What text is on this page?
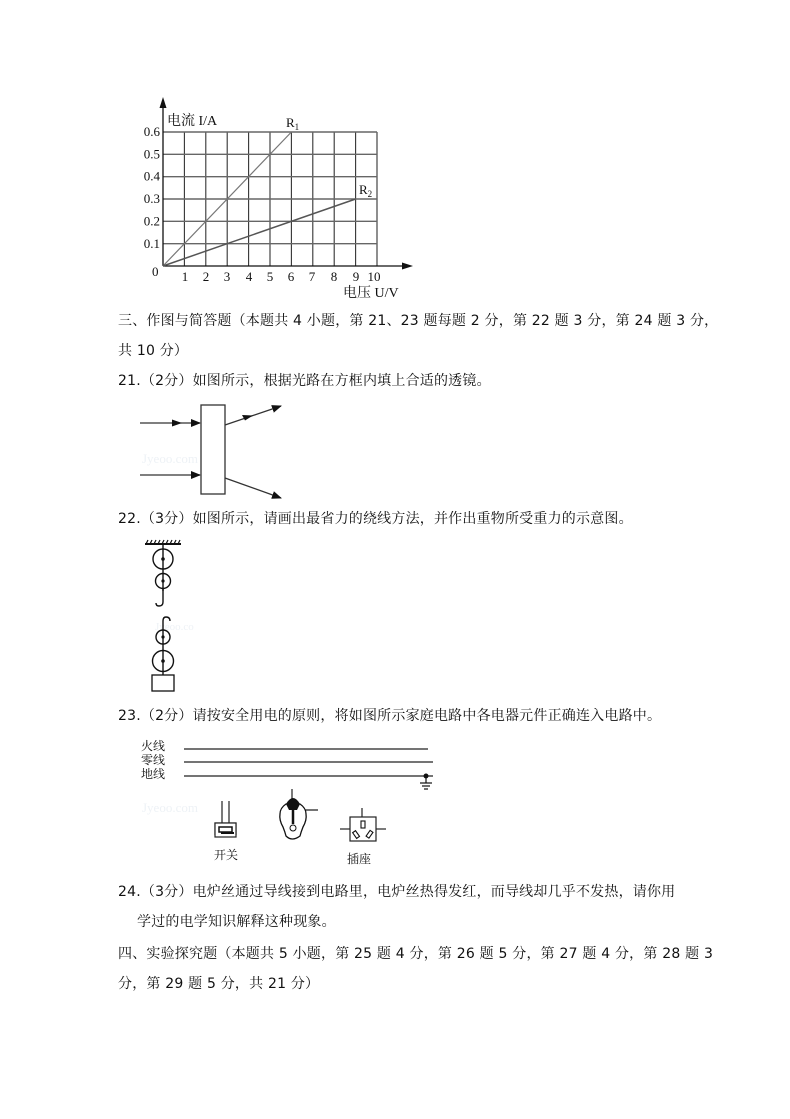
0.1
0.2
0.3
0.4
0.5
0.6
0 1 2 3 4 5 6 7 8 9 10
电流 I/A
电压 U/V
$R_1$
$R_2$
三、作图与简答题（本题共 4 小题，第 21、23 题每题 2 分，第 22 题 3 分，第 24 题 3 分，
共 10 分）
21.（2分）如图所示，根据光路在方框内填上合适的透镜。
Jyeoo.com
22.（3分）如图所示，请画出最省力的绕线方法，并作出重物所受重力的示意图。
Jyeoo.co
23.（2分）请按安全用电的原则，将如图所示家庭电路中各电器元件正确连入电路中。
火线
零线
地线
Jyeoo.com
开关	插座
24.（3分）电炉丝通过导线接到电路里，电炉丝热得发红，而导线却几乎不发热，请你用
学过的电学知识解释这种现象。
四、实验探究题（本题共 5 小题，第 25 题 4 分，第 26 题 5 分，第 27 题 4 分，第 28 题 3
分，第 29 题 5 分，共 21 分）
